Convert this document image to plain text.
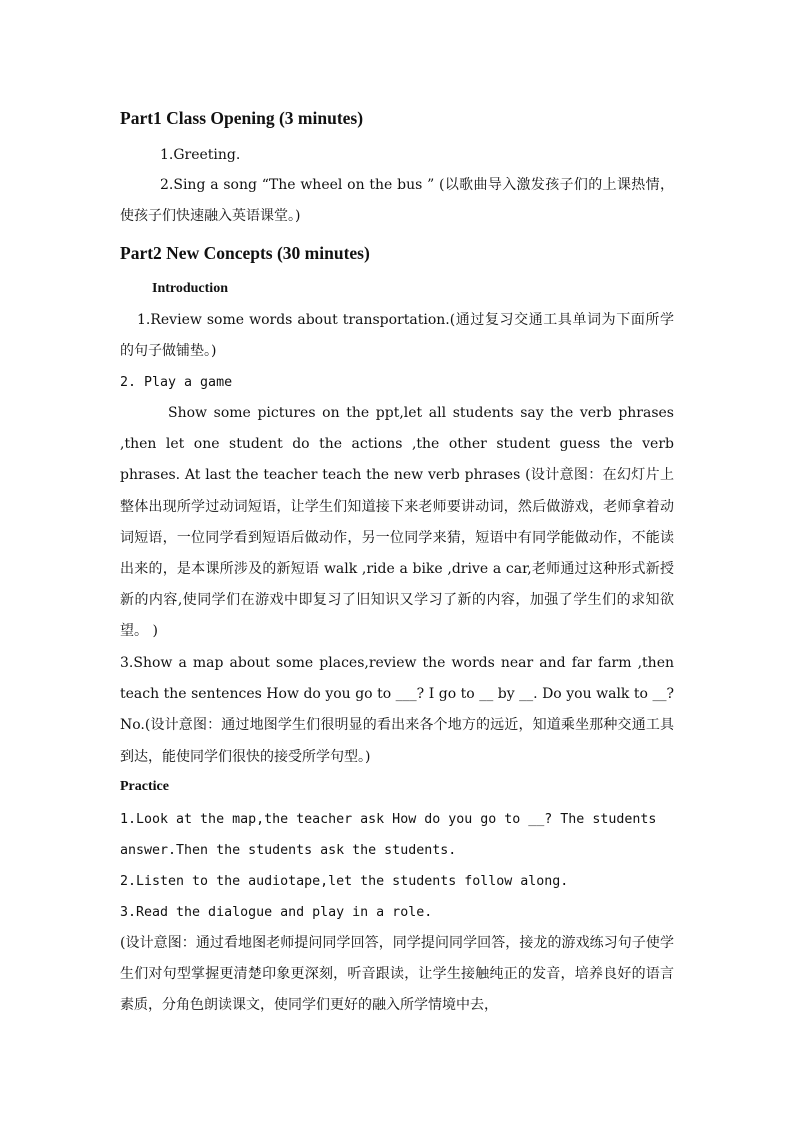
Part1 Class Opening (3 minutes)

1.Greeting.

2.Sing a song “The wheel on the bus ” (以歌曲导入激发孩子们的上课热情，使孩子们快速融入英语课堂。)

Part2 New Concepts (30 minutes)

Introduction

1.Review some words about transportation.(通过复习交通工具单词为下面所学的句子做铺垫。)

2. Play a game

Show some pictures on the ppt,let all students say the verb phrases ,then let one student do the actions ,the other student guess the verb phrases. At last the teacher teach the new verb phrases (设计意图：在幻灯片上整体出现所学过动词短语，让学生们知道接下来老师要讲动词，然后做游戏，老师拿着动词短语，一位同学看到短语后做动作，另一位同学来猜，短语中有同学能做动作，不能读出来的，是本课所涉及的新短语 walk ,ride a bike ,drive a car,老师通过这种形式新授新的内容,使同学们在游戏中即复习了旧知识又学习了新的内容，加强了学生们的求知欲望。 )

3.Show a map about some places,review the words near and far farm ,then teach the sentences How do you go to ___? I go to __ by __. Do you walk to __? No.(设计意图：通过地图学生们很明显的看出来各个地方的远近，知道乘坐那种交通工具到达，能使同学们很快的接受所学句型。)

Practice

1.Look at the map,the teacher ask How do you go to __? The students answer.Then the students ask the students.

2.Listen to the audiotape,let the students follow along.

3.Read the dialogue and play in a role.

(设计意图：通过看地图老师提问同学回答，同学提问同学回答，接龙的游戏练习句子使学生们对句型掌握更清楚印象更深刻，听音跟读，让学生接触纯正的发音，培养良好的语言素质，分角色朗读课文，使同学们更好的融入所学情境中去，
